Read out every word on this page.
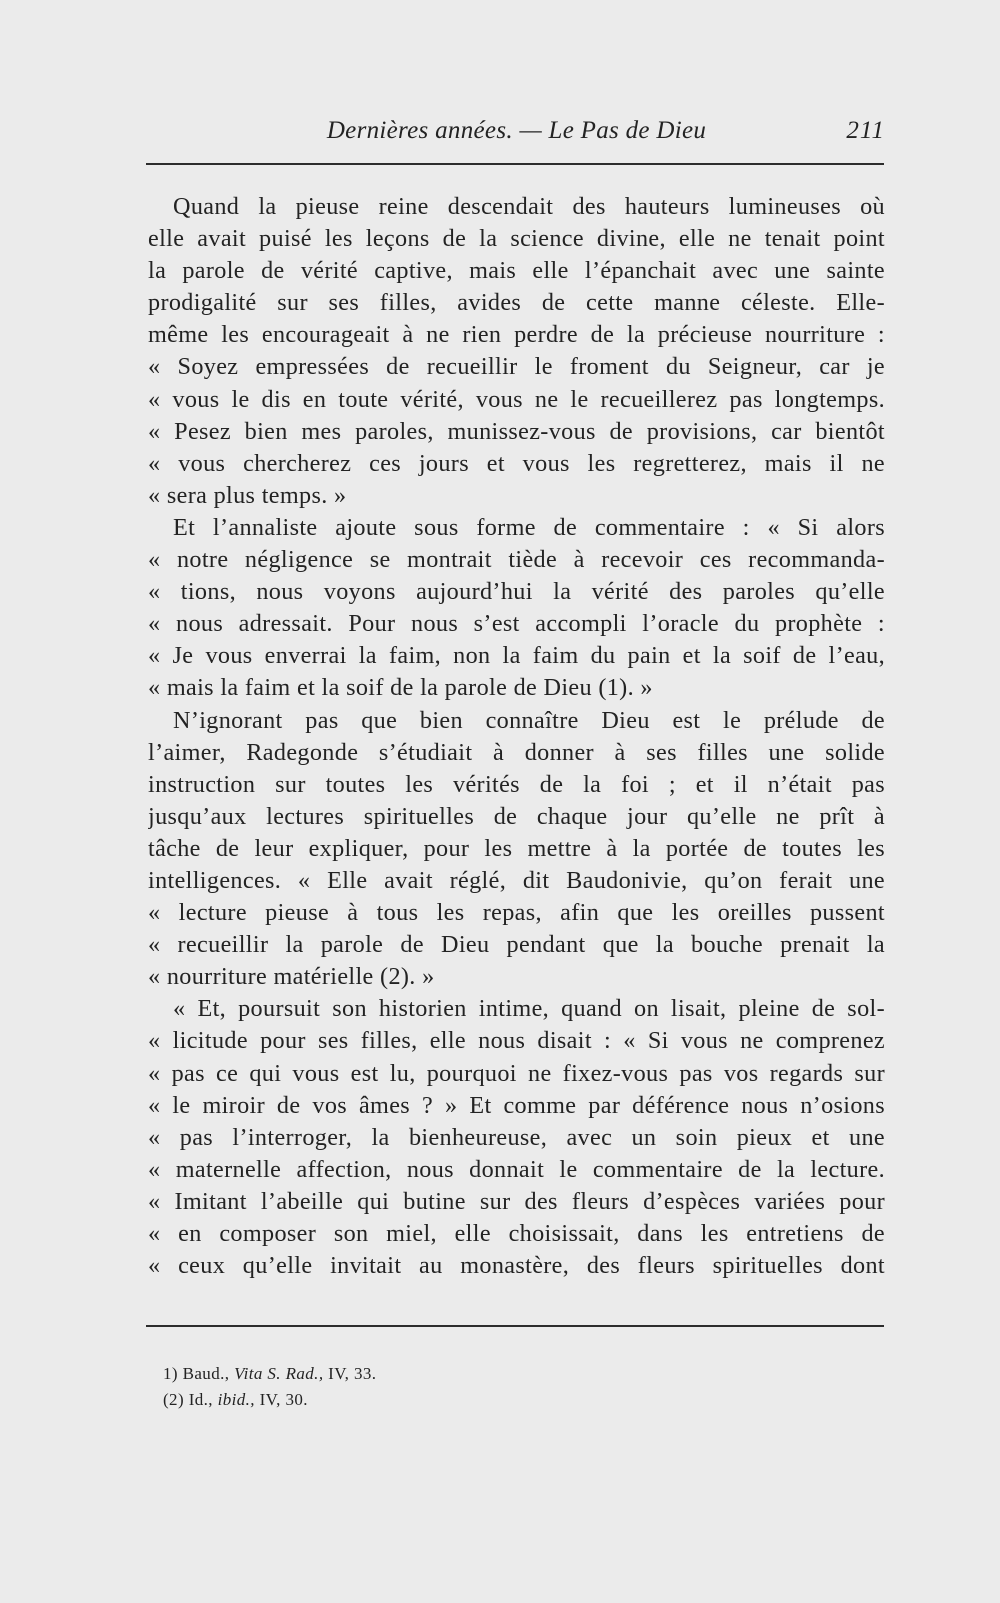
Dernières années. — Le Pas de Dieu	211
Quand la pieuse reine descendait des hauteurs lumineuses où
elle avait puisé les leçons de la science divine, elle ne tenait point
la parole de vérité captive, mais elle l’épanchait avec une sainte
prodigalité sur ses filles, avides de cette manne céleste. Elle-
même les encourageait à ne rien perdre de la précieuse nourriture :
« Soyez empressées de recueillir le froment du Seigneur, car je
« vous le dis en toute vérité, vous ne le recueillerez pas longtemps.
« Pesez bien mes paroles, munissez-vous de provisions, car bientôt
« vous chercherez ces jours et vous les regretterez, mais il ne
« sera plus temps. »
Et l’annaliste ajoute sous forme de commentaire : « Si alors
« notre négligence se montrait tiède à recevoir ces recommanda-
« tions, nous voyons aujourd’hui la vérité des paroles qu’elle
« nous adressait. Pour nous s’est accompli l’oracle du prophète :
« Je vous enverrai la faim, non la faim du pain et la soif de l’eau,
« mais la faim et la soif de la parole de Dieu (1). »
N’ignorant pas que bien connaître Dieu est le prélude de
l’aimer, Radegonde s’étudiait à donner à ses filles une solide
instruction sur toutes les vérités de la foi ; et il n’était pas
jusqu’aux lectures spirituelles de chaque jour qu’elle ne prît à
tâche de leur expliquer, pour les mettre à la portée de toutes les
intelligences. « Elle avait réglé, dit Baudonivie, qu’on ferait une
« lecture pieuse à tous les repas, afin que les oreilles pussent
« recueillir la parole de Dieu pendant que la bouche prenait la
« nourriture matérielle (2). »
« Et, poursuit son historien intime, quand on lisait, pleine de sol-
« licitude pour ses filles, elle nous disait : « Si vous ne comprenez
« pas ce qui vous est lu, pourquoi ne fixez-vous pas vos regards sur
« le miroir de vos âmes ? » Et comme par déférence nous n’osions
« pas l’interroger, la bienheureuse, avec un soin pieux et une
« maternelle affection, nous donnait le commentaire de la lecture.
« Imitant l’abeille qui butine sur des fleurs d’espèces variées pour
« en composer son miel, elle choisissait, dans les entretiens de
« ceux qu’elle invitait au monastère, des fleurs spirituelles dont
1) Baud., Vita S. Rad., IV, 33.
(2) Id., ibid., IV, 30.
